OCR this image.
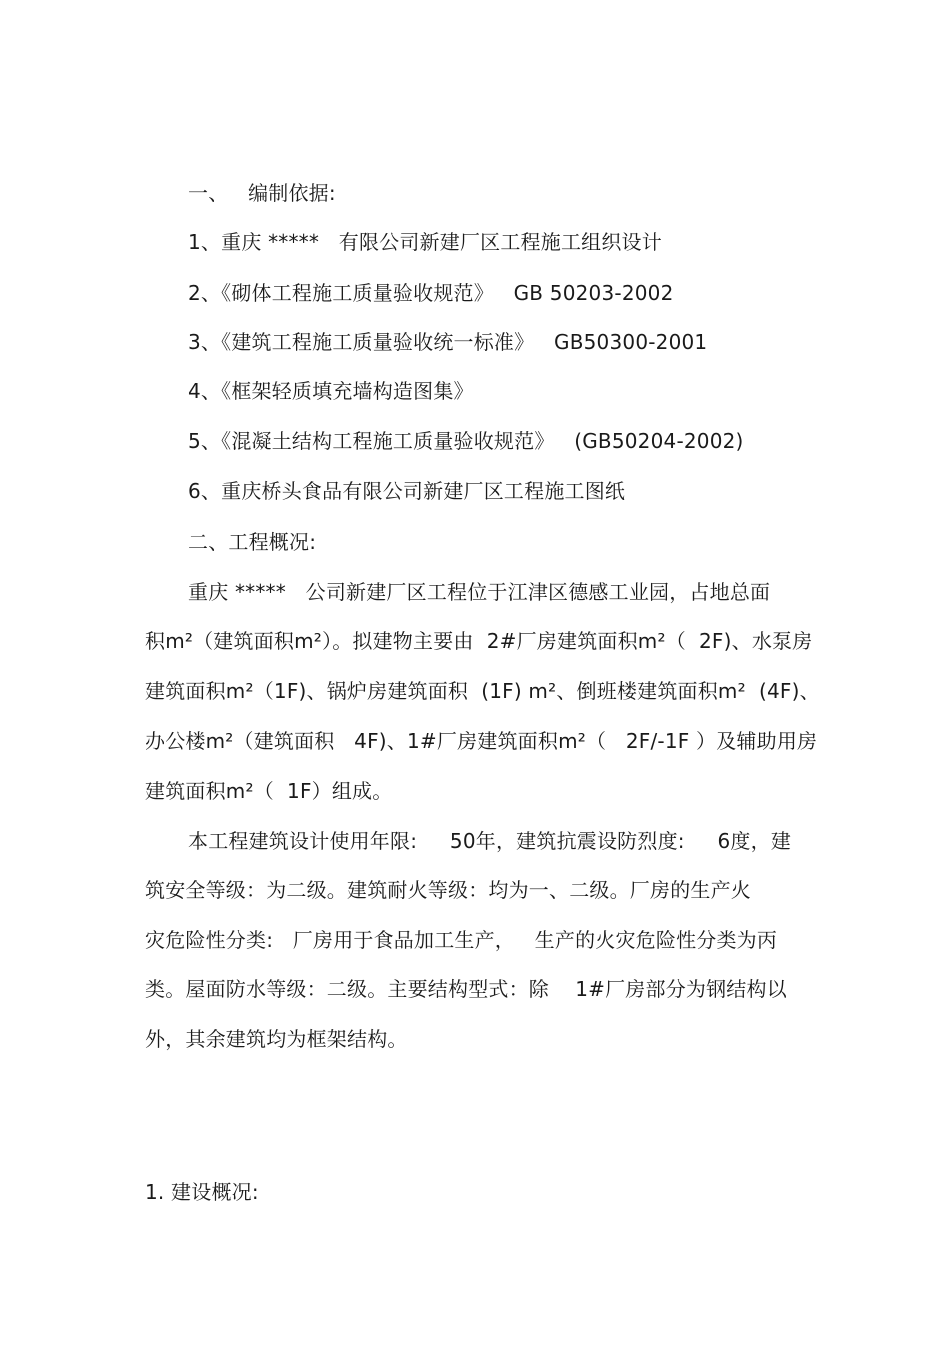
一、   编制依据:
1、重庆 *****   有限公司新建厂区工程施工组织设计
2、《砌体工程施工质量验收规范》   GB 50203-2002
3、《建筑工程施工质量验收统一标准》   GB50300-2001
4、《框架轻质填充墙构造图集》
5、《混凝土结构工程施工质量验收规范》   (GB50204-2002)
6、重庆桥头食品有限公司新建厂区工程施工图纸
二、工程概况:
重庆 *****   公司新建厂区工程位于江津区德感工业园，占地总面
积m²（建筑面积m²）。拟建物主要由  2#厂房建筑面积m²（  2F)、水泵房
建筑面积m²（1F)、锅炉房建筑面积  (1F) m²、倒班楼建筑面积m²  (4F)、
办公楼m²（建筑面积   4F)、1#厂房建筑面积m²（   2F/-1F ）及辅助用房
建筑面积m²（  1F）组成。
本工程建筑设计使用年限:     50年，建筑抗震设防烈度:     6度，建
筑安全等级：为二级。建筑耐火等级：均为一、二级。厂房的生产火
灾危险性分类:   厂房用于食品加工生产，   生产的火灾危险性分类为丙
类。屋面防水等级：二级。主要结构型式：除    1#厂房部分为钢结构以
外，其余建筑均为框架结构。
1. 建设概况:
